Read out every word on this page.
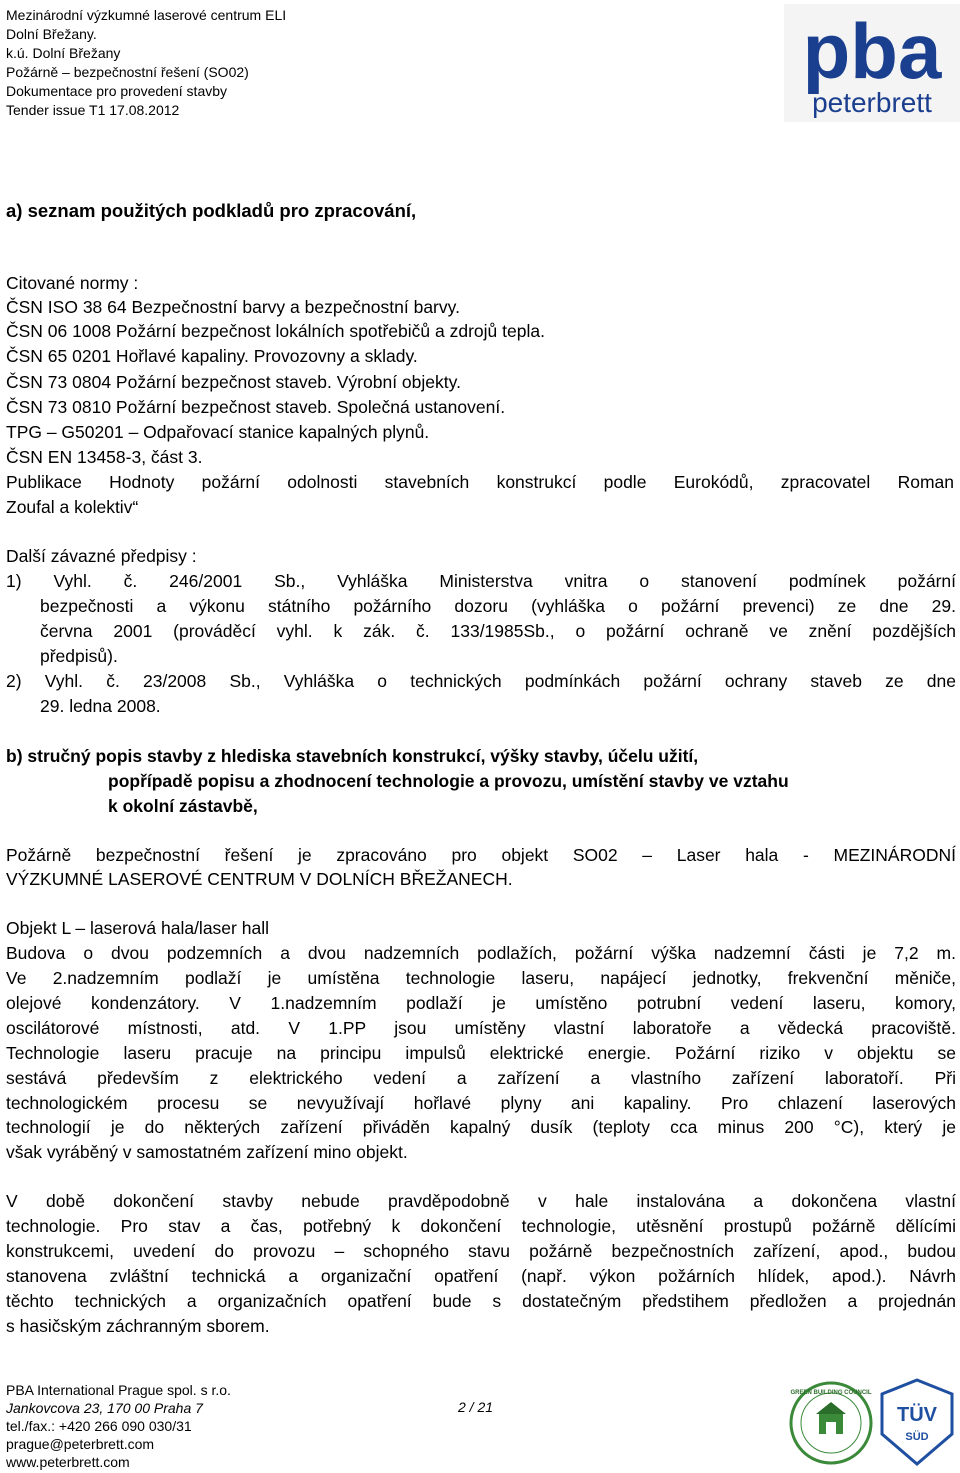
Mezinárodní výzkumné laserové centrum ELI
Dolní Břežany.
k.ú. Dolní Břežany
Požárně – bezpečnostní řešení (SO02)
Dokumentace pro provedení stavby
Tender issue T1 17.08.2012
pba
peterbrett
a) seznam použitých podkladů pro zpracování,
Citované normy :
ČSN ISO 38 64 Bezpečnostní barvy a bezpečnostní barvy.
ČSN 06 1008 Požární bezpečnost lokálních spotřebičů a zdrojů tepla.
ČSN 65 0201 Hořlavé kapaliny. Provozovny a sklady.
ČSN 73 0804 Požární bezpečnost staveb. Výrobní objekty.
ČSN 73 0810 Požární bezpečnost staveb. Společná ustanovení.
TPG – G50201 – Odpařovací stanice kapalných plynů.
ČSN EN 13458-3, část 3.
Publikace Hodnoty požární odolnosti stavebních konstrukcí podle Eurokódů, zpracovatel Roman
Zoufal a kolektiv“
Další závazné předpisy :
1) Vyhl. č. 246/2001 Sb., Vyhláška Ministerstva vnitra o stanovení podmínek požární
bezpečnosti a výkonu státního požárního dozoru (vyhláška o požární prevenci) ze dne 29.
června 2001 (prováděcí vyhl. k zák. č. 133/1985Sb., o požární ochraně ve znění pozdějších
předpisů).
2) Vyhl. č. 23/2008 Sb., Vyhláška o technických podmínkách požární ochrany staveb ze dne
29. ledna 2008.
b) stručný popis stavby z hlediska stavebních konstrukcí, výšky stavby, účelu užití,
popřípadě popisu a zhodnocení technologie a provozu, umístění stavby ve vztahu
k okolní zástavbě,
Požárně bezpečnostní řešení je zpracováno pro objekt SO02 – Laser hala - MEZINÁRODNÍ
VÝZKUMNÉ LASEROVÉ CENTRUM V DOLNÍCH BŘEŽANECH.
Objekt L – laserová hala/laser hall
Budova o dvou podzemních a dvou nadzemních podlažích, požární výška nadzemní části je 7,2 m.
Ve 2.nadzemním podlaží je umístěna technologie laseru, napájecí jednotky, frekvenční měniče,
olejové kondenzátory. V 1.nadzemním podlaží je umístěno potrubní vedení laseru, komory,
oscilátorové místnosti, atd. V 1.PP jsou umístěny vlastní laboratoře a vědecká pracoviště.
Technologie laseru pracuje na principu impulsů elektrické energie. Požární riziko v objektu se
sestává především z elektrického vedení a zařízení a vlastního zařízení laboratoří. Při
technologickém procesu se nevyužívají hořlavé plyny ani kapaliny. Pro chlazení laserových
technologií je do některých zařízení přiváděn kapalný dusík (teploty cca minus 200 °C), který je
však vyráběný v samostatném zařízení mino objekt.
V době dokončení stavby nebude pravděpodobně v hale instalována a dokončena vlastní
technologie. Pro stav a čas, potřebný k dokončení technologie, utěsnění prostupů požárně dělícími
konstrukcemi, uvedení do provozu – schopného stavu požárně bezpečnostních zařízení, apod., budou
stanovena zvláštní technická a organizační opatření (např. výkon požárních hlídek, apod.). Návrh
těchto technických a organizačních opatření bude s dostatečným předstihem předložen a projednán
s hasičským záchranným sborem.
PBA International Prague spol. s r.o.
Jankovcova 23, 170 00 Praha 7
tel./fax.: +420 266 090 030/31
prague@peterbrett.com
www.peterbrett.com
2 / 21
GREEN BUILDING COUNCIL
TÜV
SÜD
